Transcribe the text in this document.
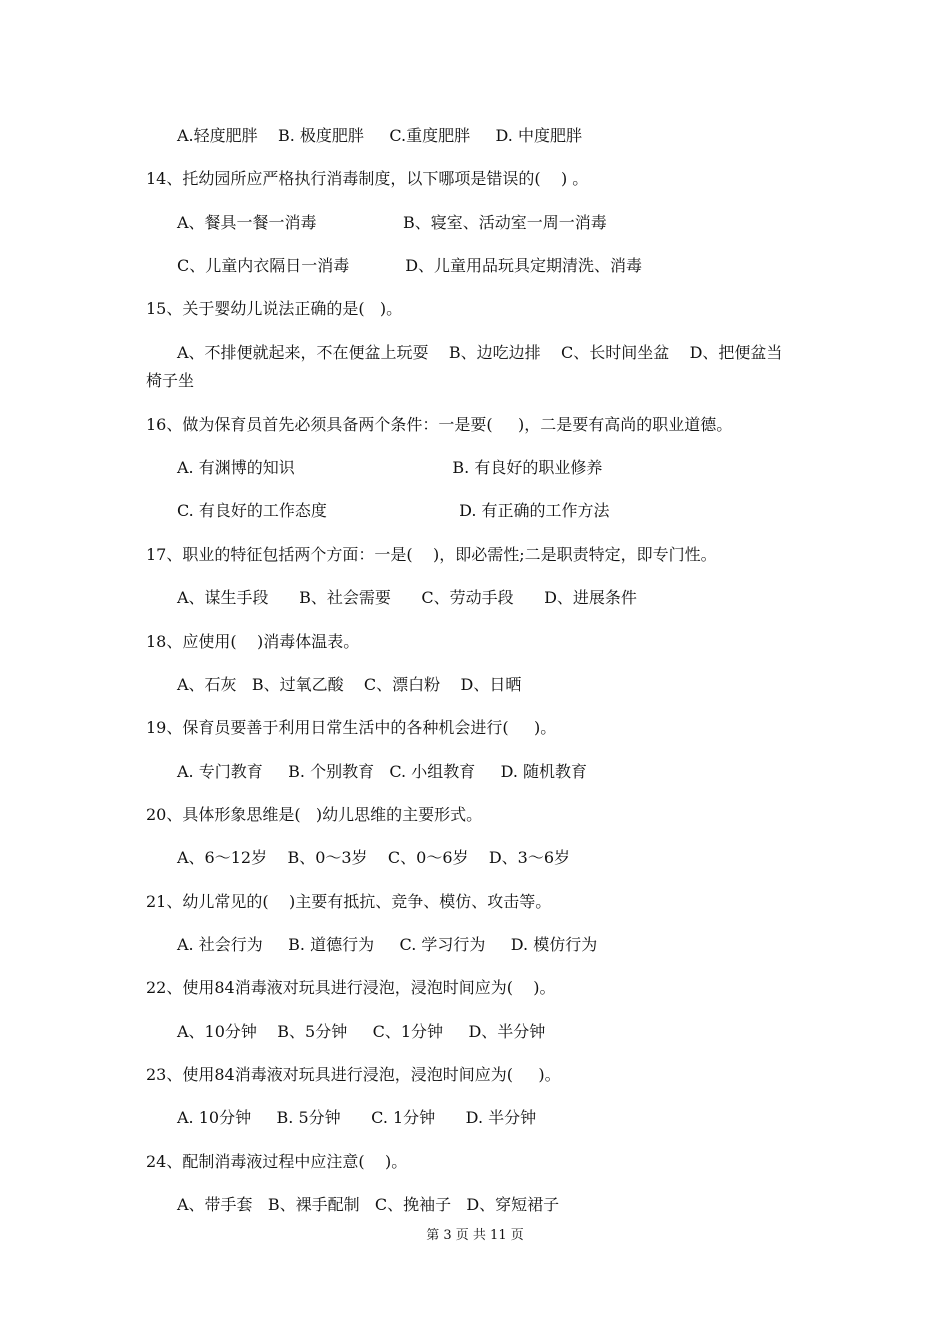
A.轻度肥胖    B. 极度肥胖     C.重度肥胖     D. 中度肥胖
14、托幼园所应严格执行消毒制度，以下哪项是错误的(    ) 。
A、餐具一餐一消毒                 B、寝室、活动室一周一消毒
C、儿童内衣隔日一消毒           D、儿童用品玩具定期清洗、消毒
15、关于婴幼儿说法正确的是(   )。
A、不排便就起来，不在便盆上玩耍    B、边吃边排    C、长时间坐盆    D、把便盆当
椅子坐
16、做为保育员首先必须具备两个条件：一是要(     )，二是要有高尚的职业道德。
A. 有渊博的知识                               B. 有良好的职业修养
C. 有良好的工作态度                          D. 有正确的工作方法
17、职业的特征包括两个方面：一是(    )，即必需性;二是职责特定，即专门性。
A、谋生手段      B、社会需要      C、劳动手段      D、进展条件
18、应使用(    )消毒体温表。
A、石灰   B、过氧乙酸    C、漂白粉    D、日晒
19、保育员要善于利用日常生活中的各种机会进行(     )。
A. 专门教育     B. 个别教育   C. 小组教育     D. 随机教育
20、具体形象思维是(   )幼儿思维的主要形式。
A、6～12岁    B、0～3岁    C、0～6岁    D、3～6岁
21、幼儿常见的(    )主要有抵抗、竞争、模仿、攻击等。
A. 社会行为     B. 道德行为     C. 学习行为     D. 模仿行为
22、使用84消毒液对玩具进行浸泡，浸泡时间应为(    )。
A、10分钟    B、5分钟     C、1分钟     D、半分钟
23、使用84消毒液对玩具进行浸泡，浸泡时间应为(     )。
A. 10分钟     B. 5分钟      C. 1分钟      D. 半分钟
24、配制消毒液过程中应注意(    )。
A、带手套   B、裸手配制   C、挽袖子   D、穿短裙子
第 3 页 共 11 页
